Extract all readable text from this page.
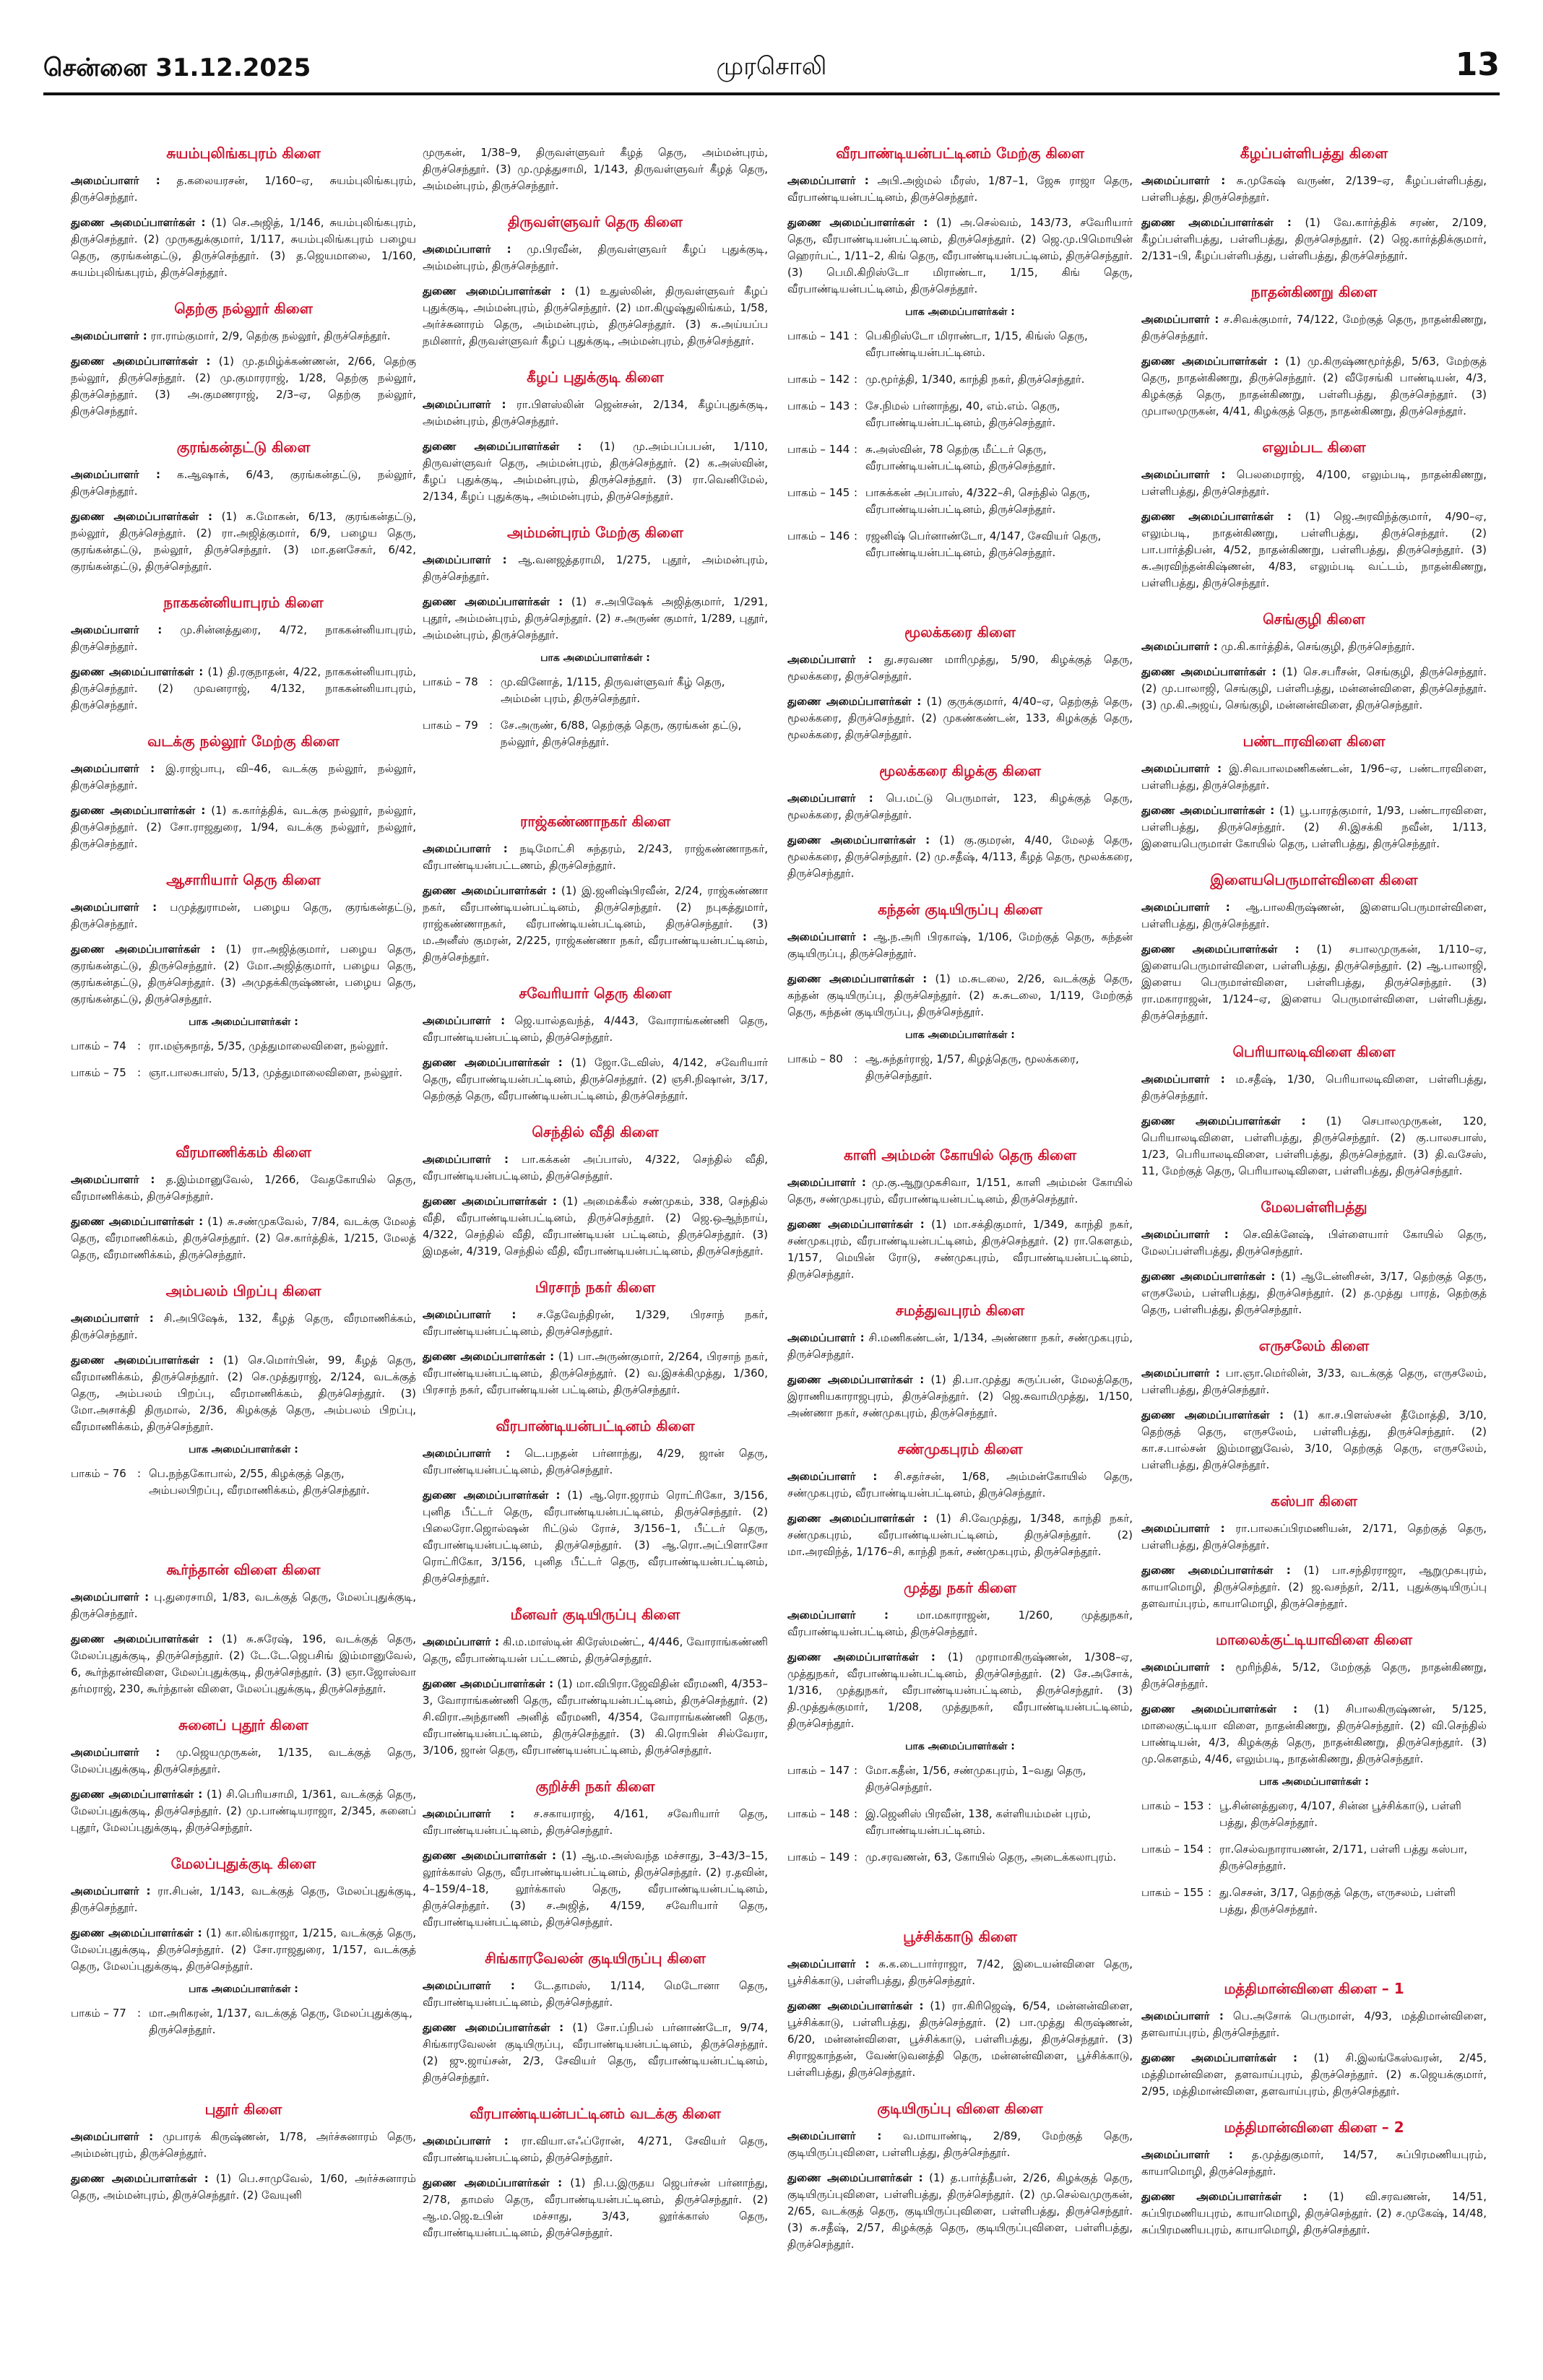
சென்னை 31.12.2025	முரசொலி	13
சுயம்புலிங்கபுரம் கிளை

அமைப்பாளர் : த.கலையரசன், 1/160–ஏ, சுயம்புலிங்கபுரம், திருச்செந்தூர்.

துணை அமைப்பாளர்கள் : (1) செ.அஜித், 1/146, சுயம்புலிங்கபுரம், திருச்செந்தூர். (2) முருகதுக்குமார், 1/117, சுயம்புலிங்கபுரம் பழைய தெரு, குரங்கன்தட்டு, திருச்செந்தூர். (3) த.ஜெயமாலை, 1/160, சுயம்புலிங்கபுரம், திருச்செந்தூர்.

தெற்கு நல்லூர் கிளை

அமைப்பாளர் : ரா.ராம்குமார், 2/9, தெற்கு நல்லூர், திருச்செந்தூர்.

துணை அமைப்பாளர்கள் : (1) மு.தமிழ்க்கண்ணன், 2/66, தெற்கு நல்லூர், திருச்செந்தூர். (2) மு.குமாரராஜ், 1/28, தெற்கு நல்லூர், திருச்செந்தூர். (3) அ.குமணராஜ், 2/3–ஏ, தெற்கு நல்லூர், திருச்செந்தூர்.

குரங்கன்தட்டு கிளை

அமைப்பாளர் : க.ஆஷாக், 6/43, குரங்கன்தட்டு, நல்லூர், திருச்செந்தூர்.

துணை அமைப்பாளர்கள் : (1) க.மோகன், 6/13, குரங்கன்தட்டு, நல்லூர், திருச்செந்தூர். (2) ரா.அஜித்குமார், 6/9, பழைய தெரு, குரங்கன்தட்டு, நல்லூர், திருச்செந்தூர். (3) மா.தனசேகர், 6/42, குரங்கன்தட்டு, திருச்செந்தூர்.

நாககன்னியாபுரம் கிளை

அமைப்பாளர் : மு.சின்னத்துரை, 4/72, நாககன்னியாபுரம், திருச்செந்தூர்.

துணை அமைப்பாளர்கள் : (1) தி.ரகுநாதன், 4/22, நாககன்னியாபுரம், திருச்செந்தூர். (2) முவனராஜ், 4/132, நாககன்னியாபுரம், திருச்செந்தூர்.

வடக்கு நல்லூர் மேற்கு கிளை

அமைப்பாளர் : இ.ராஜ்பாபு, வி–46, வடக்கு நல்லூர், நல்லூர், திருச்செந்தூர்.

துணை அமைப்பாளர்கள் : (1) க.கார்த்திக், வடக்கு நல்லூர், நல்லூர், திருச்செந்தூர். (2) சோ.ராஜதுரை, 1/94, வடக்கு நல்லூர், நல்லூர், திருச்செந்தூர்.

ஆசாரியார் தெரு கிளை

அமைப்பாளர் : பமுத்துராமன், பழைய தெரு, குரங்கன்தட்டு, திருச்செந்தூர்.

துணை அமைப்பாளர்கள் : (1) ரா.அஜித்குமார், பழைய தெரு, குரங்கன்தட்டு, திருச்செந்தூர். (2) மோ.அஜித்குமார், பழைய தெரு, குரங்கன்தட்டு, திருச்செந்தூர். (3) அமுதக்கிருஷ்ணன், பழைய தெரு, குரங்கன்தட்டு, திருச்செந்தூர்.

பாக அமைப்பாளர்கள் :
பாகம் – 74	: ரா.மஞ்சுநாத், 5/35, முத்துமாலைவிளை, நல்லூர்.
பாகம் – 75	: ஞா.பாலசுபாஸ், 5/13, முத்துமாலைவிளை, நல்லூர்.
வீரமாணிக்கம் கிளை

அமைப்பாளர் : த.இம்மானுவேல், 1/266, வேதகோயில் தெரு, வீரமாணிக்கம், திருச்செந்தூர்.

துணை அமைப்பாளர்கள் : (1) சு.சண்முகவேல், 7/84, வடக்கு மேலத் தெரு, வீரமாணிக்கம், திருச்செந்தூர். (2) செ.கார்த்திக், 1/215, மேலத் தெரு, வீரமாணிக்கம், திருச்செந்தூர்.

அம்பலம் பிறப்பு கிளை

அமைப்பாளர் : சி.அபிஷேக், 132, கீழத் தெரு, வீரமாணிக்கம், திருச்செந்தூர்.

துணை அமைப்பாளர்கள் : (1) செ.மொர்பின், 99, கீழத் தெரு, வீரமாணிக்கம், திருச்செந்தூர். (2) செ.முத்துராஜ், 2/124, வடக்குத் தெரு, அம்பலம் பிறப்பு, வீரமாணிக்கம், திருச்செந்தூர். (3) மோ.அசாக்தி திருமால், 2/36, கிழக்குத் தெரு, அம்பலம் பிறப்பு, வீரமாணிக்கம், திருச்செந்தூர்.

பாக அமைப்பாளர்கள் :
பாகம் – 76	: பெ.நந்தகோபால், 2/55, கிழக்குத் தெரு, அம்பலபிறப்பு, வீரமாணிக்கம், திருச்செந்தூர்.
கூர்ந்தான் விளை கிளை

அமைப்பாளர் : பு.துரைசாமி, 1/83, வடக்குத் தெரு, மேலப்புதுக்குடி, திருச்செந்தூர்.

துணை அமைப்பாளர்கள் : (1) சு.சுரேஷ், 196, வடக்குத் தெரு, மேலப்புதுக்குடி, திருச்செந்தூர். (2) டே.டே.ஜெபசிங் இம்மானுவேல், 6, கூர்ந்தான்விளை, மேலப்புதுக்குடி, திருச்செந்தூர். (3) ஞா.ஜோஸ்வா தர்மராஜ், 230, கூர்ந்தான் விளை, மேலப்புதுக்குடி, திருச்செந்தூர்.

சுனைப் புதூர் கிளை

அமைப்பாளர் : மு.ஜெயமுருகன், 1/135, வடக்குத் தெரு, மேலப்புதுக்குடி, திருச்செந்தூர்.

துணை அமைப்பாளர்கள் : (1) சி.பெரியசாமி, 1/361, வடக்குத் தெரு, மேலப்புதுக்குடி, திருச்செந்தூர். (2) மு.பாண்டியராஜா, 2/345, சுனைப் புதூர், மேலப்புதுக்குடி, திருச்செந்தூர்.

மேலப்புதுக்குடி கிளை

அமைப்பாளர் : ரா.சிபன், 1/143, வடக்குத் தெரு, மேலப்புதுக்குடி, திருச்செந்தூர்.

துணை அமைப்பாளர்கள் : (1) கா.லிங்கராஜா, 1/215, வடக்குத் தெரு, மேலப்புதுக்குடி, திருச்செந்தூர். (2) சோ.ராஜதுரை, 1/157, வடக்குத் தெரு, மேலப்புதுக்குடி, திருச்செந்தூர்.

பாக அமைப்பாளர்கள் :
பாகம் – 77	: மா.அரிகரன், 1/137, வடக்குத் தெரு, மேலப்புதுக்குடி, திருச்செந்தூர்.
புதூர் கிளை

அமைப்பாளர் : முபாரக் கிருஷ்ணன், 1/78, அர்ச்சுனாரம் தெரு, அம்மன்புரம், திருச்செந்தூர்.

துணை அமைப்பாளர்கள் : (1) பெ.சாமுவேல், 1/60, அர்ச்சுனாரம் தெரு, அம்மன்புரம், திருச்செந்தூர். (2) வேயுனி

முருகன், 1/38–9, திருவள்ளுவர் கீழத் தெரு, அம்மன்புரம், திருச்செந்தூர். (3) மு.முத்துசாமி, 1/143, திருவள்ளுவர் கீழத் தெரு, அம்மன்புரம், திருச்செந்தூர்.

திருவள்ளுவர் தெரு கிளை

அமைப்பாளர் : மு.பிரவீன், திருவள்ளுவர் கீழப் புதுக்குடி, அம்மன்புரம், திருச்செந்தூர்.

துணை அமைப்பாளர்கள் : (1) உதுஸ்லின், திருவள்ளுவர் கீழப் புதுக்குடி, அம்மன்புரம், திருச்செந்தூர். (2) மா.கிழுஷ்துலிங்கம், 1/58, அர்ச்சுனாரம் தெரு, அம்மன்புரம், திருச்செந்தூர். (3) சு.அய்யப்ப நமினார், திருவள்ளுவர் கீழப் புதுக்குடி, அம்மன்புரம், திருச்செந்தூர்.

கீழப் புதுக்குடி கிளை

அமைப்பாளர் : ரா.பிளஸ்லின் ஜென்சன், 2/134, கீழப்புதுக்குடி, அம்மன்புரம், திருச்செந்தூர்.

துணை அமைப்பாளர்கள் : (1) மு.அம்பப்பபன், 1/110, திருவள்ளுவர் தெரு, அம்மன்புரம், திருச்செந்தூர். (2) க.அஸ்வின், கீழப் புதுக்குடி, அம்மன்புரம், திருச்செந்தூர். (3) ரா.வெனிமேல், 2/134, கீழப் புதுக்குடி, அம்மன்புரம், திருச்செந்தூர்.

அம்மன்புரம் மேற்கு கிளை

அமைப்பாளர் : ஆ.வனஜத்தராமி, 1/275, புதூர், அம்மன்புரம், திருச்செந்தூர்.

துணை அமைப்பாளர்கள் : (1) ச.அபிஷேக் அஜித்குமார், 1/291, புதூர், அம்மன்புரம், திருச்செந்தூர். (2) ச.அருண் குமார், 1/289, புதூர், அம்மன்புரம், திருச்செந்தூர்.

பாக அமைப்பாளர்கள் :
பாகம் – 78	: மு.வினோத், 1/115, திருவள்ளுவர் கீழ் தெரு, அம்மன் புரம், திருச்செந்தூர்.
பாகம் – 79	: சே.அருண், 6/88, தெற்குத் தெரு, குரங்கன் தட்டு, நல்லூர், திருச்செந்தூர்.
ராஜ்கண்ணாநகர் கிளை

அமைப்பாளர் : நடிமோட்சி சுந்தரம், 2/243, ராஜ்கண்ணாநகர், வீரபாண்டியன்பட்டணம், திருச்செந்தூர்.

துணை அமைப்பாளர்கள் : (1) இ.ஜனிஷ்பிரவீன், 2/24, ராஜ்கண்ணா நகர், வீரபாண்டியன்பட்டினம், திருச்செந்தூர். (2) நபுகத்துமார், ராஜ்கண்ணாநகர், வீரபாண்டியன்பட்டினம், திருச்செந்தூர். (3) ம.அனீஸ் குமரன், 2/225, ராஜ்கண்ணா நகர், வீரபாண்டியன்பட்டினம், திருச்செந்தூர்.

சவேரியார் தெரு கிளை

அமைப்பாளர் : ஜெ.யால்தவந்த், 4/443, வோராங்கண்ணி தெரு, வீரபாண்டியன்பட்டினம், திருச்செந்தூர்.

துணை அமைப்பாளர்கள் : (1) ஜோ.டேவிஸ், 4/142, சவேரியார் தெரு, வீரபாண்டியன்பட்டினம், திருச்செந்தூர். (2) ஞசி.நிஷான், 3/17, தெற்குத் தெரு, வீரபாண்டியன்பட்டினம், திருச்செந்தூர்.

செந்தில் வீதி கிளை

அமைப்பாளர் : பா.கக்கன் அப்பாஸ், 4/322, செந்தில் வீதி, வீரபாண்டியன்பட்டினம், திருச்செந்தூர்.

துணை அமைப்பாளர்கள் : (1) அமைக்கீல் சண்முகம், 338, செந்தில் வீதி, வீரபாண்டியன்பட்டினம், திருச்செந்தூர். (2) ஜெ.ஒஆந்நாய், 4/322, செந்தில் வீதி, வீரபாண்டியன் பட்டினம், திருச்செந்தூர். (3) இமதன், 4/319, செந்தில் வீதி, வீரபாண்டியன்பட்டினம், திருச்செந்தூர்.

பிரசாந் நகர் கிளை

அமைப்பாளர் : ச.தேவேந்திரன், 1/329, பிரசாந் நகர், வீரபாண்டியன்பட்டினம், திருச்செந்தூர்.

துணை அமைப்பாளர்கள் : (1) பா.அருண்குமார், 2/264, பிரசாந் நகர், வீரபாண்டியன்பட்டினம், திருச்செந்தூர். (2) வ.இசக்கிமுத்து, 1/360, பிரசாந் நகர், வீரபாண்டியன் பட்டினம், திருச்செந்தூர்.

வீரபாண்டியன்பட்டினம் கிளை

அமைப்பாளர் : டெ.பநதன் பர்னாந்து, 4/29, ஜான் தெரு, வீரபாண்டியன்பட்டினம், திருச்செந்தூர்.

துணை அமைப்பாளர்கள் : (1) ஆ.ரொ.ஜராம் ரொட்ரிகோ, 3/156, புனித பீட்டர் தெரு, வீரபாண்டியன்பட்டினம், திருச்செந்தூர். (2) பிலைரோ.ஜொல்ஷன் ரிட்டுல் ரோச், 3/156–1, பீட்டர் தெரு, வீரபாண்டியன்பட்டினம், திருச்செந்தூர். (3) ஆ.ரொ.அட்பிளாசோ ரொட்ரிகோ, 3/156, புனித பீட்டர் தெரு, வீரபாண்டியன்பட்டினம், திருச்செந்தூர்.

மீனவர் குடியிருப்பு கிளை

அமைப்பாளர் : கி.ம.மாஸ்டின் கிரேஸ்மண்ட், 4/446, வோராங்கண்ணி தெரு, வீரபாண்டியன் பட்டணம், திருச்செந்தூர்.

துணை அமைப்பாளர்கள் : (1) மா.விபிரா.ஜேவிதின் வீரமணி, 4/353–3, வோராங்கண்ணி தெரு, வீரபாண்டியன்பட்டினம், திருச்செந்தூர். (2) சி.விரா.அந்தாணி அனித் வீரமணி, 4/354, வோராங்கண்ணி தெரு, வீரபாண்டியன்பட்டினம், திருச்செந்தூர். (3) கி.ரொபின் சில்வேரா, 3/106, ஜான் தெரு, வீரபாண்டியன்பட்டினம், திருச்செந்தூர்.

குறிச்சி நகர் கிளை

அமைப்பாளர் : ச.சகாயராஜ், 4/161, சவேரியார் தெரு, வீரபாண்டியன்பட்டினம், திருச்செந்தூர்.

துணை அமைப்பாளர்கள் : (1) ஆ.ம.அஸ்வந்த மச்சாது, 3–43/3–15, லூர்க்காஸ் தெரு, வீரபாண்டியன்பட்டினம், திருச்செந்தூர். (2) ர.தவின், 4–159/4–18, லூர்க்காஸ் தெரு, வீரபாண்டியன்பட்டினம், திருச்செந்தூர். (3) ச.அஜித், 4/159, சவேரியார் தெரு, வீரபாண்டியன்பட்டினம், திருச்செந்தூர்.

சிங்காரவேலன் குடியிருப்பு கிளை

அமைப்பாளர் : டே.தாமஸ், 1/114, மெடோனா தெரு, வீரபாண்டியன்பட்டினம், திருச்செந்தூர்.

துணை அமைப்பாளர்கள் : (1) சோ.ப்நிபல் பர்னாண்டோ, 9/74, சிங்காரவேலன் குடியிருப்பு, வீரபாண்டியன்பட்டினம், திருச்செந்தூர். (2) ஜு.ஜாய்சன், 2/3, சேவியர் தெரு, வீரபாண்டியன்பட்டினம், திருச்செந்தூர்.

வீரபாண்டியன்பட்டினம் வடக்கு கிளை

அமைப்பாளர் : ரா.வியா.எஃப்ரோன், 4/271, சேவியர் தெரு, வீரபாண்டியன்பட்டினம், திருச்செந்தூர்.

துணை அமைப்பாளர்கள் : (1) நி.ப.இருதய ஜெபர்சன் பர்னாந்து, 2/78, தாமஸ் தெரு, வீரபாண்டியன்பட்டினம், திருச்செந்தூர். (2) ஆ.ம.ஜெ.உபின் மச்சாது, 3/43, லூர்க்காஸ் தெரு, வீரபாண்டியன்பட்டினம், திருச்செந்தூர்.

வீரபாண்டியன்பட்டினம் மேற்கு கிளை

அமைப்பாளர் : அபி.அஜ்மல் மீரஸ், 1/87–1, ஜேசு ராஜா தெரு, வீரபாண்டியன்பட்டினம், திருச்செந்தூர்.

துணை அமைப்பாளர்கள் : (1) அ.செல்வம், 143/73, சவேரியார் தெரு, வீரபாண்டியன்பட்டினம், திருச்செந்தூர். (2) ஜெ.மு.பிமொயின் ஹெரர்பட், 1/11–2, கிங் தெரு, வீரபாண்டியன்பட்டினம், திருச்செந்தூர். (3) பெமி.கிறிஸ்டோ மிராண்டா, 1/15, கிங் தெரு, வீரபாண்டியன்பட்டினம், திருச்செந்தூர்.

பாக அமைப்பாளர்கள் :
பாகம் – 141 : பெகிறிஸ்டோ மிராண்டா, 1/15, கிங்ஸ் தெரு, வீரபாண்டியன்பட்டினம்.
பாகம் – 142 : மு.மூர்த்தி, 1/340, காந்தி நகர், திருச்செந்தூர்.
பாகம் – 143 : சே.நிமல் பர்னாந்து, 40, எம்.எம். தெரு, வீரபாண்டியன்பட்டினம், திருச்செந்தூர்.
பாகம் – 144 : சு.அஸ்வின், 78 தெற்கு மீட்டர் தெரு, வீரபாண்டியன்பட்டினம், திருச்செந்தூர்.
பாகம் – 145 : பாசுக்கன் அப்பாஸ், 4/322–சி, செந்தில் தெரு, வீரபாண்டியன்பட்டினம், திருச்செந்தூர்.
பாகம் – 146 : ரஜனிஷ் பெர்னாண்டோ, 4/147, சேவியர் தெரு, வீரபாண்டியன்பட்டினம், திருச்செந்தூர்.
மூலக்கரை கிளை

அமைப்பாளர் : து.சரவண மாரிமுத்து, 5/90, கிழக்குத் தெரு, மூலக்கரை, திருச்செந்தூர்.

துணை அமைப்பாளர்கள் : (1) குருக்குமார், 4/40–ஏ, தெற்குத் தெரு, மூலக்கரை, திருச்செந்தூர். (2) முகண்கண்டன், 133, கிழக்குத் தெரு, மூலக்கரை, திருச்செந்தூர்.

மூலக்கரை கிழக்கு கிளை

அமைப்பாளர் : பெ.மட்டு பெருமாள், 123, கிழக்குத் தெரு, மூலக்கரை, திருச்செந்தூர்.

துணை அமைப்பாளர்கள் : (1) கு.குமரன், 4/40, மேலத் தெரு, மூலக்கரை, திருச்செந்தூர். (2) மு.சதீஷ், 4/113, கீழத் தெரு, மூலக்கரை, திருச்செந்தூர்.

கந்தன் குடியிருப்பு கிளை

அமைப்பாளர் : ஆ.ந.அரி பிரகாஷ், 1/106, மேற்குத் தெரு, கந்தன் குடியிருப்பு, திருச்செந்தூர்.

துணை அமைப்பாளர்கள் : (1) ம.சுடலை, 2/26, வடக்குத் தெரு, கந்தன் குடியிருப்பு, திருச்செந்தூர். (2) சு.சுடலை, 1/119, மேற்குத் தெரு, கந்தன் குடியிருப்பு, திருச்செந்தூர்.

பாக அமைப்பாளர்கள் :
பாகம் – 80	: ஆ.சுந்தர்ராஜ், 1/57, கிழத்தெரு, மூலக்கரை, திருச்செந்தூர்.
காளி அம்மன் கோயில் தெரு கிளை

அமைப்பாளர் : மு.கு.ஆறுமுகசிவா, 1/151, காளி அம்மன் கோயில் தெரு, சண்முகபுரம், வீரபாண்டியன்பட்டினம், திருச்செந்தூர்.

துணை அமைப்பாளர்கள் : (1) மா.சக்திகுமார், 1/349, காந்தி நகர், சண்முகபுரம், வீரபாண்டியன்பட்டினம், திருச்செந்தூர். (2) ரா.கௌதம், 1/157, மெயின் ரோடு, சண்முகபுரம், வீரபாண்டியன்பட்டினம், திருச்செந்தூர்.

சமத்துவபுரம் கிளை

அமைப்பாளர் : சி.மணிகண்டன், 1/134, அண்ணா நகர், சண்முகபுரம், திருச்செந்தூர்.

துணை அமைப்பாளர்கள் : (1) தி.பா.முத்து சுருப்பன், மேலத்தெரு, இராணியகாராஜபுரம், திருச்செந்தூர். (2) ஜெ.சுவாமிமுத்து, 1/150, அண்ணா நகர், சண்முகபுரம், திருச்செந்தூர்.

சண்முகபுரம் கிளை

அமைப்பாளர் : சி.சதர்சன், 1/68, அம்மன்கோயில் தெரு, சண்முகபுரம், வீரபாண்டியன்பட்டினம், திருச்செந்தூர்.

துணை அமைப்பாளர்கள் : (1) சி.வேமுத்து, 1/348, காந்தி நகர், சண்முகபுரம், வீரபாண்டியன்பட்டினம், திருச்செந்தூர். (2) மா.அரவிந்த், 1/176–சி, காந்தி நகர், சண்முகபுரம், திருச்செந்தூர்.

முத்து நகர் கிளை

அமைப்பாளர் :	மா.மகாராஜன், 1/260, முத்துநகர், வீரபாண்டியன்பட்டினம், திருச்செந்தூர்.

துணை அமைப்பாளர்கள் : (1) முராமாகிருஷ்ணன், 1/308–ஏ, முத்துநகர், வீரபாண்டியன்பட்டினம், திருச்செந்தூர். (2) சே.அசோக், 1/316, முத்துநகர், வீரபாண்டியன்பட்டினம், திருச்செந்தூர். (3) தி.முத்துக்குமார், 1/208, முத்துநகர், வீரபாண்டியன்பட்டினம், திருச்செந்தூர்.

பாக அமைப்பாளர்கள் :
பாகம் – 147 : மோ.கதீன், 1/56, சண்முகபுரம், 1–வது தெரு, திருச்செந்தூர்.
பாகம் – 148 : இ.ஜெனிஸ் பிரவீன், 138, கள்ளியம்மன் புரம், வீரபாண்டியன்பட்டினம்.
பாகம் – 149 : மு.சரவணன், 63, கோயில் தெரு, அடைக்கலாபுரம்.
பூச்சிக்காடு கிளை

அமைப்பாளர் : சு.க.டைபார்ராஜா, 7/42, இடையன்விளை தெரு, பூச்சிக்காடு, பள்ளிபத்து, திருச்செந்தூர்.

துணை அமைப்பாளர்கள் : (1) ரா.கிரிஜெஷ், 6/54, மன்னன்விளை, பூச்சிக்காடு, பள்ளிபத்து, திருச்செந்தூர். (2) பா.முத்து கிருஷ்ணன், 6/20, மன்னன்விளை, பூச்சிக்காடு, பள்ளிபத்து, திருச்செந்தூர். (3) சிராஜகாந்தன், வேண்டுவனத்தி தெரு, மன்னன்விளை, பூச்சிக்காடு, பள்ளிபத்து, திருச்செந்தூர்.

குடியிருப்பு விளை கிளை

அமைப்பாளர் : வ.மாயாண்டி, 2/89, மேற்குத் தெரு, குடியிருப்புவிளை, பள்ளிபத்து, திருச்செந்தூர்.

துணை அமைப்பாளர்கள் : (1) த.பார்த்தீபன், 2/26, கிழக்குத் தெரு, குடியிருப்புவிளை, பள்ளிபத்து, திருச்செந்தூர். (2) மு.செல்வமுருகன், 2/65, வடக்குத் தெரு, குடியிருப்புவிளை, பள்ளிபத்து, திருச்செந்தூர். (3) சு.சதீஷ், 2/57, கிழக்குத் தெரு, குடியிருப்புவிளை, பள்ளிபத்து, திருச்செந்தூர்.

கீழப்பள்ளிபத்து கிளை

அமைப்பாளர் : சு.முகேஷ் வருண், 2/139–ஏ, கீழப்பள்ளிபத்து, பள்ளிபத்து, திருச்செந்தூர்.

துணை அமைப்பாளர்கள் : (1) வே.கார்த்திக் சரண், 2/109, கீழப்பள்ளிபத்து, பள்ளிபத்து, திருச்செந்தூர். (2) ஜெ.கார்த்திக்குமார், 2/131–பி, கீழப்பள்ளிபத்து, பள்ளிபத்து, திருச்செந்தூர்.

நாதன்கிணறு கிளை

அமைப்பாளர் : ச.சிவக்குமார், 74/122, மேற்குத் தெரு, நாதன்கிணறு, திருச்செந்தூர்.

துணை அமைப்பாளர்கள் : (1) மு.கிருஷ்ணமூர்த்தி, 5/63, மேற்குத் தெரு, நாதன்கிணறு, திருச்செந்தூர். (2) வீரேசங்கி பாண்டியன், 4/3, கிழக்குத் தெரு, நாதன்கிணறு, பள்ளிபத்து, திருச்செந்தூர். (3) முபாலமுருகன், 4/41, கிழக்குத் தெரு, நாதன்கிணறு, திருச்செந்தூர்.

எலும்பட கிளை

அமைப்பாளர் : பெலமைராஜ், 4/100, எலும்படி, நாதன்கிணறு, பள்ளிபத்து, திருச்செந்தூர்.

துணை அமைப்பாளர்கள் : (1) ஜெ.அரவிந்த்குமார், 4/90–ஏ, எலும்படி, நாதன்கிணறு, பள்ளிபத்து, திருச்செந்தூர். (2) பா.பார்த்திபன், 4/52, நாதன்கிணறு, பள்ளிபத்து, திருச்செந்தூர். (3) சு.அரவிந்தன்கிஷ்ணன், 4/83, எலும்படி வட்டம், நாதன்கிணறு, பள்ளிபத்து, திருச்செந்தூர்.

செங்குழி கிளை

அமைப்பாளர் : மு.கி.கார்த்திக், செங்குழி, திருச்செந்தூர்.

துணை அமைப்பாளர்கள் : (1) செ.சபரீசன், செங்குழி, திருச்செந்தூர். (2) மு.பாலாஜி, செங்குழி, பள்ளிபத்து, மன்னன்விளை, திருச்செந்தூர். (3) மு.கி.அஜய், செங்குழி, மன்னன்விளை, திருச்செந்தூர்.

பண்டாரவிளை கிளை

அமைப்பாளர் : இ.சிவபாலமணிகண்டன், 1/96–ஏ, பண்டாரவிளை, பள்ளிபத்து, திருச்செந்தூர்.

துணை அமைப்பாளர்கள் : (1) பூ.பாரத்குமார், 1/93, பண்டாரவிளை, பள்ளிபத்து, திருச்செந்தூர். (2) சி.இசக்கி நவீன், 1/113, இளையபெருமாள் கோயில் தெரு, பள்ளிபத்து, திருச்செந்தூர்.

இளையபெருமாள்விளை கிளை

அமைப்பாளர் : ஆ.பாலகிருஷ்ணன், இளையபெருமாள்விளை, பள்ளிபத்து, திருச்செந்தூர்.

துணை அமைப்பாளர்கள் : (1) சபாலமுருகன், 1/110–ஏ, இளையபெருமாள்விளை, பள்ளிபத்து, திருச்செந்தூர். (2) ஆ.பாலாஜி, இளைய பெருமாள்விளை, பள்ளிபத்து, திருச்செந்தூர். (3) ரா.மகாராஜன், 1/124–ஏ, இளைய பெருமாள்விளை, பள்ளிபத்து, திருச்செந்தூர்.

பெரியாலடிவிளை கிளை

அமைப்பாளர் : ம.சதீஷ், 1/30, பெரியாலடிவிளை, பள்ளிபத்து, திருச்செந்தூர்.

துணை அமைப்பாளர்கள் : (1) செபாலமுருகன், 120, பெரியாலடிவிளை, பள்ளிபத்து, திருச்செந்தூர். (2) கு.பாலசபாஸ், 1/23, பெரியாலடிவிளை, பள்ளிபத்து, திருச்செந்தூர். (3) தி.வசேஸ், 11, மேற்குத் தெரு, பெரியாலடிவிளை, பள்ளிபத்து, திருச்செந்தூர்.

மேலபள்ளிபத்து

அமைப்பாளர் : செ.விக்னேஷ், பிள்ளையார் கோயில் தெரு, மேலப்பள்ளிபத்து, திருச்செந்தூர்.

துணை அமைப்பாளர்கள் : (1) ஆடேன்னிசன், 3/17, தெற்குத் தெரு, எருசலேம், பள்ளிபத்து, திருச்செந்தூர். (2) த.முத்து பாரத், தெற்குத் தெரு, பள்ளிபத்து, திருச்செந்தூர்.

எருசலேம் கிளை

அமைப்பாளர் : பா.ஞா.மெர்லின், 3/33, வடக்குத் தெரு, எருசலேம், பள்ளிபத்து, திருச்செந்தூர்.

துணை அமைப்பாளர்கள் : (1) கா.ச.பிளஸ்சன் தீமோத்தி, 3/10, தெற்குத் தெரு, எருசலேம், பள்ளிபத்து, திருச்செந்தூர். (2) கா.ச.பால்சன் இம்மானுவேல், 3/10, தெற்குத் தெரு, எருசலேம், பள்ளிபத்து, திருச்செந்தூர்.

கஸ்பா கிளை

அமைப்பாளர் : ரா.பாலசுப்பிரமணியன், 2/171, தெற்குத் தெரு, பள்ளிபத்து, திருச்செந்தூர்.

துணை அமைப்பாளர்கள் : (1) பா.சந்திரராஜா, ஆறுமுகபுரம், காயாமொழி, திருச்செந்தூர். (2) ஜ.வசந்தர், 2/11, புதுக்குடியிருப்பு தளவாய்புரம், காயாமொழி, திருச்செந்தூர்.

மாலைக்குட்டியாவிளை கிளை

அமைப்பாளர் : மூரிந்திக், 5/12, மேற்குத் தெரு, நாதன்கிணறு, திருச்செந்தூர்.

துணை அமைப்பாளர்கள் : (1) சிபாலகிருஷ்ணன், 5/125, மாலைகுட்டியா விளை, நாதன்கிணறு, திருச்செந்தூர். (2) வி.செந்தில் பாண்டியன், 4/3, கிழக்குத் தெரு, நாதன்கிணறு, திருச்செந்தூர். (3) மு.கௌதம், 4/46, எலும்படி, நாதன்கிணறு, திருச்செந்தூர்.

பாக அமைப்பாளர்கள் :
பாகம் – 153 : பூ.சின்னத்துரை, 4/107, சின்ன பூச்சிக்காடு, பள்ளி பத்து, திருச்செந்தூர்.
பாகம் – 154 : ரா.செல்வநாராயணன், 2/171, பள்ளி பத்து கஸ்பா, திருச்செந்தூர்.
பாகம் – 155 : து.செசன், 3/17, தெற்குத் தெரு, எருசலம், பள்ளி பத்து, திருச்செந்தூர்.
மத்திமான்விளை கிளை – 1

அமைப்பாளர் : பெ.அசோக் பெருமாள், 4/93, மத்திமான்விளை, தளவாய்புரம், திருச்செந்தூர்.

துணை அமைப்பாளர்கள் : (1) சி.இலங்கேஸ்வரன், 2/45, மத்திமான்விளை, தளவாய்புரம், திருச்செந்தூர். (2) க.ஜெயக்குமார், 2/95, மத்திமான்விளை, தளவாய்புரம், திருச்செந்தூர்.

மத்திமான்விளை கிளை – 2

அமைப்பாளர் : த.முத்துகுமார், 14/57, சுப்பிரமணியபுரம், காயாமொழி, திருச்செந்தூர்.

துணை அமைப்பாளர்கள் : (1) வி.சரவணன், 14/51, சுப்பிரமணியபுரம், காயாமொழி, திருச்செந்தூர். (2) ச.முகேஷ், 14/48, சுப்பிரமணியபுரம், காயாமொழி, திருச்செந்தூர்.
